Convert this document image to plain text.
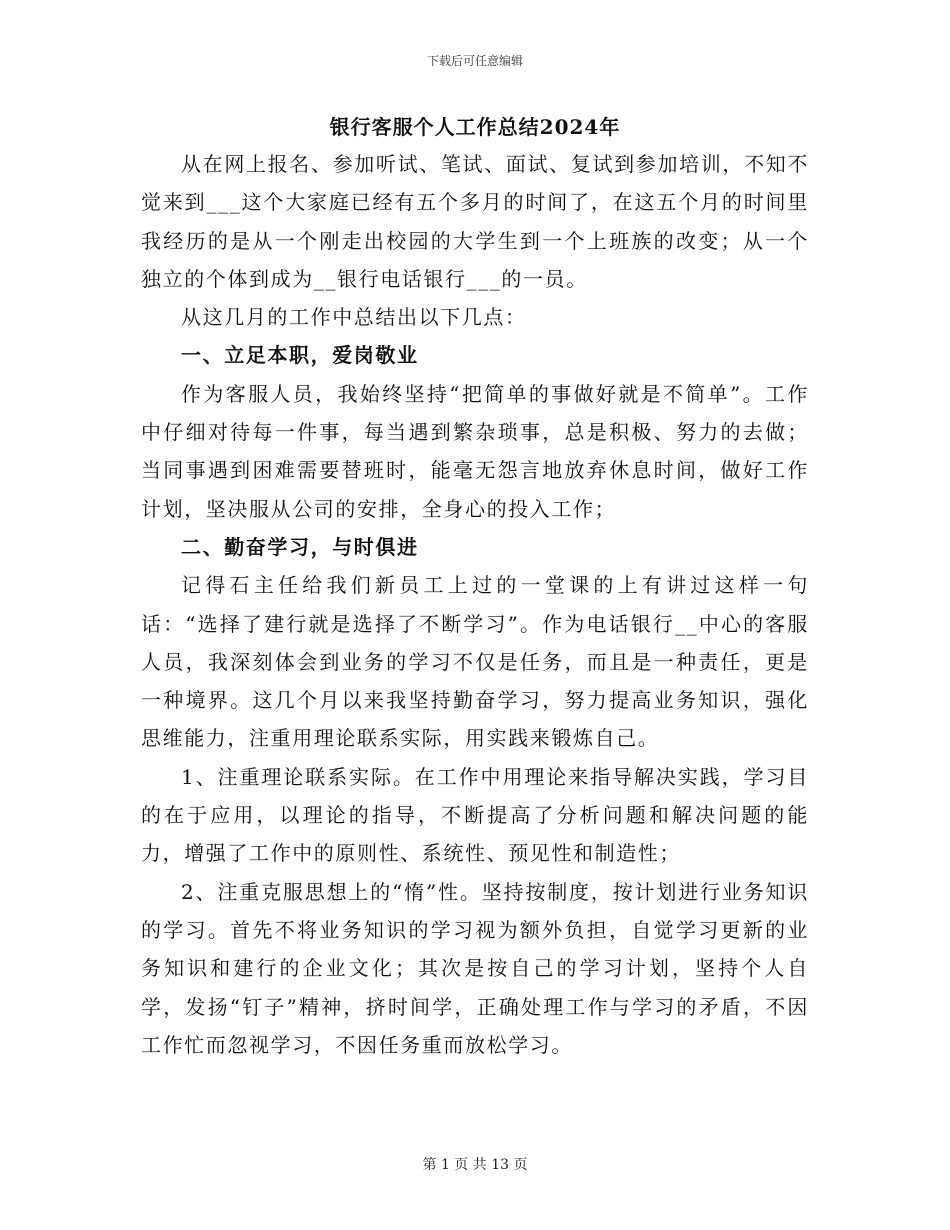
下载后可任意编辑
银行客服个人工作总结2024年

从在网上报名、参加听试、笔试、面试、复试到参加培训，不知不觉来到___这个大家庭已经有五个多月的时间了，在这五个月的时间里我经历的是从一个刚走出校园的大学生到一个上班族的改变；从一个独立的个体到成为__银行电话银行___的一员。

从这几月的工作中总结出以下几点：

一、立足本职，爱岗敬业

作为客服人员，我始终坚持“把简单的事做好就是不简单”。工作中仔细对待每一件事，每当遇到繁杂琐事，总是积极、努力的去做；当同事遇到困难需要替班时，能毫无怨言地放弃休息时间，做好工作计划，坚决服从公司的安排，全身心的投入工作；

二、勤奋学习，与时俱进

记得石主任给我们新员工上过的一堂课的上有讲过这样一句话：“选择了建行就是选择了不断学习”。作为电话银行__中心的客服人员，我深刻体会到业务的学习不仅是任务，而且是一种责任，更是一种境界。这几个月以来我坚持勤奋学习，努力提高业务知识，强化思维能力，注重用理论联系实际，用实践来锻炼自己。

1、注重理论联系实际。在工作中用理论来指导解决实践，学习目的在于应用，以理论的指导，不断提高了分析问题和解决问题的能力，增强了工作中的原则性、系统性、预见性和制造性；

2、注重克服思想上的“惰”性。坚持按制度，按计划进行业务知识的学习。首先不将业务知识的学习视为额外负担，自觉学习更新的业务知识和建行的企业文化；其次是按自己的学习计划，坚持个人自学，发扬“钉子”精神，挤时间学，正确处理工作与学习的矛盾，不因工作忙而忽视学习，不因任务重而放松学习。

第 1 页 共 13 页
